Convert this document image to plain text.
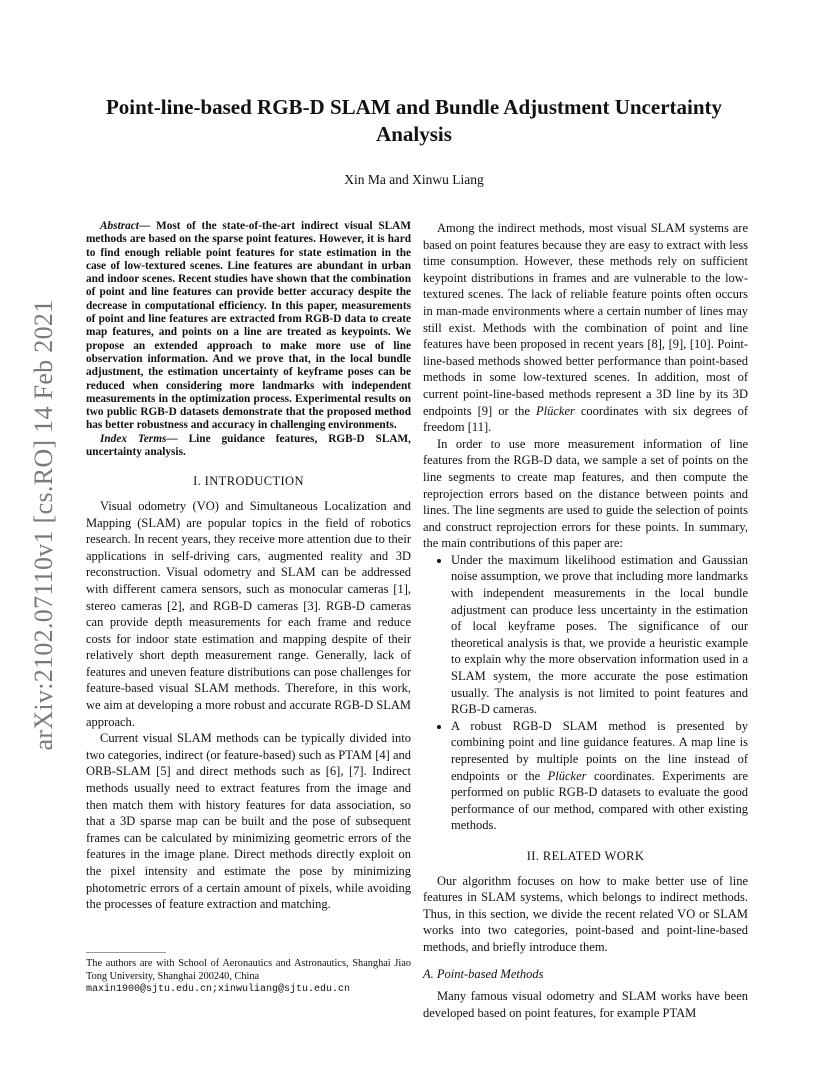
arXiv:2102.07110v1 [cs.RO] 14 Feb 2021
Point-line-based RGB-D SLAM and Bundle Adjustment Uncertainty
Analysis
Xin Ma and Xinwu Liang

Abstract— Most of the state-of-the-art indirect visual SLAM methods are based on the sparse point features. However, it is hard to find enough reliable point features for state estimation in the case of low-textured scenes. Line features are abundant in urban and indoor scenes. Recent studies have shown that the combination of point and line features can provide better accuracy despite the decrease in computational efficiency. In this paper, measurements of point and line features are extracted from RGB-D data to create map features, and points on a line are treated as keypoints. We propose an extended approach to make more use of line observation information. And we prove that, in the local bundle adjustment, the estimation uncertainty of keyframe poses can be reduced when considering more landmarks with independent measurements in the optimization process. Experimental results on two public RGB-D datasets demonstrate that the proposed method has better robustness and accuracy in challenging environments.

Index Terms— Line guidance features, RGB-D SLAM, uncertainty analysis.

I. INTRODUCTION

Visual odometry (VO) and Simultaneous Localization and Mapping (SLAM) are popular topics in the field of robotics research. In recent years, they receive more attention due to their applications in self-driving cars, augmented reality and 3D reconstruction. Visual odometry and SLAM can be addressed with different camera sensors, such as monocular cameras [1], stereo cameras [2], and RGB-D cameras [3]. RGB-D cameras can provide depth measurements for each frame and reduce costs for indoor state estimation and mapping despite of their relatively short depth measurement range. Generally, lack of features and uneven feature distributions can pose challenges for feature-based visual SLAM methods. Therefore, in this work, we aim at developing a more robust and accurate RGB-D SLAM approach.

Current visual SLAM methods can be typically divided into two categories, indirect (or feature-based) such as PTAM [4] and ORB-SLAM [5] and direct methods such as [6], [7]. Indirect methods usually need to extract features from the image and then match them with history features for data association, so that a 3D sparse map can be built and the pose of subsequent frames can be calculated by minimizing geometric errors of the features in the image plane. Direct methods directly exploit on the pixel intensity and estimate the pose by minimizing photometric errors of a certain amount of pixels, while avoiding the processes of feature extraction and matching.

The authors are with School of Aeronautics and Astronautics, Shanghai Jiao Tong University, Shanghai 200240, China
maxin1900@sjtu.edu.cn;xinwuliang@sjtu.edu.cn

Among the indirect methods, most visual SLAM systems are based on point features because they are easy to extract with less time consumption. However, these methods rely on sufficient keypoint distributions in frames and are vulnerable to the low-textured scenes. The lack of reliable feature points often occurs in man-made environments where a certain number of lines may still exist. Methods with the combination of point and line features have been proposed in recent years [8], [9], [10]. Point-line-based methods showed better performance than point-based methods in some low-textured scenes. In addition, most of current point-line-based methods represent a 3D line by its 3D endpoints [9] or the Plücker coordinates with six degrees of freedom [11].

In order to use more measurement information of line features from the RGB-D data, we sample a set of points on the line segments to create map features, and then compute the reprojection errors based on the distance between points and lines. The line segments are used to guide the selection of points and construct reprojection errors for these points. In summary, the main contributions of this paper are:

• Under the maximum likelihood estimation and Gaussian noise assumption, we prove that including more landmarks with independent measurements in the local bundle adjustment can produce less uncertainty in the estimation of local keyframe poses. The significance of our theoretical analysis is that, we provide a heuristic example to explain why the more observation information used in a SLAM system, the more accurate the pose estimation usually. The analysis is not limited to point features and RGB-D cameras.
• A robust RGB-D SLAM method is presented by combining point and line guidance features. A map line is represented by multiple points on the line instead of endpoints or the Plücker coordinates. Experiments are performed on public RGB-D datasets to evaluate the good performance of our method, compared with other existing methods.
II. RELATED WORK

Our algorithm focuses on how to make better use of line features in SLAM systems, which belongs to indirect methods. Thus, in this section, we divide the recent related VO or SLAM works into two categories, point-based and point-line-based methods, and briefly introduce them.

A. Point-based Methods

Many famous visual odometry and SLAM works have been developed based on point features, for example PTAM
